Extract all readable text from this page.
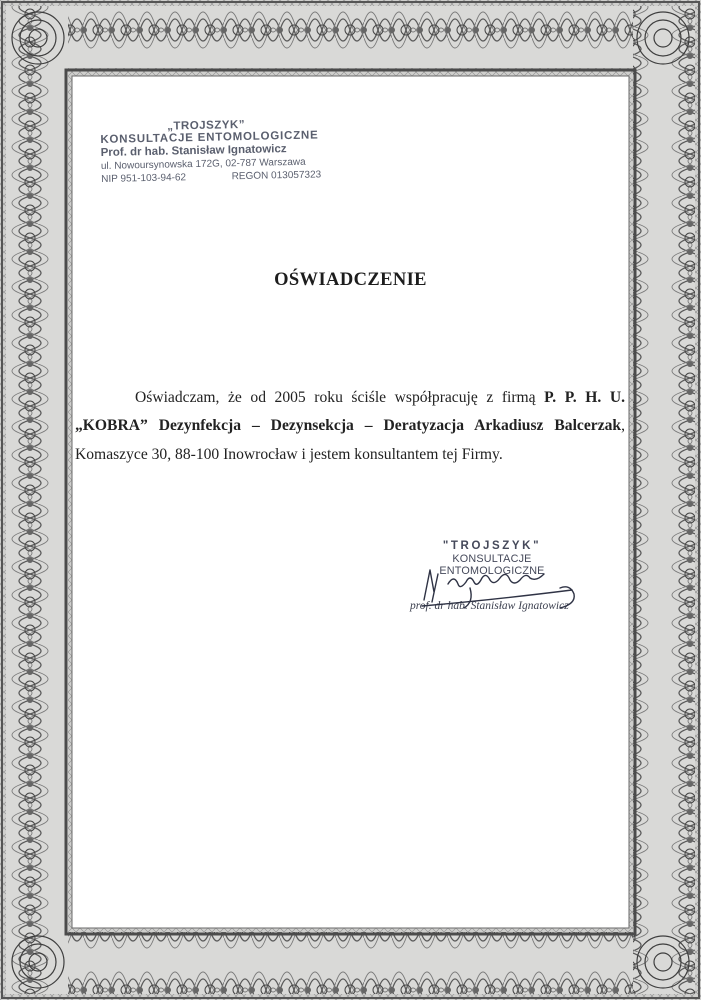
„TROJSZYK”
KONSULTACJE ENTOMOLOGICZNE
Prof. dr hab. Stanisław Ignatowicz
ul. Nowoursynowska 172G, 02-787 Warszawa
NIP 951-103-94-62	REGON 013057323
OŚWIADCZENIE

Oświadczam, że od 2005 roku ściśle współpracuję z firmą P. P. H. U. „KOBRA” Dezynfekcja – Dezynsekcja – Deratyzacja Arkadiusz Balcerzak, Komaszyce 30, 88-100 Inowrocław i jestem konsultantem tej Firmy.

"TROJSZYK"
KONSULTACJE ENTOMOLOGICZNE
prof. dr hab. Stanisław Ignatowicz
